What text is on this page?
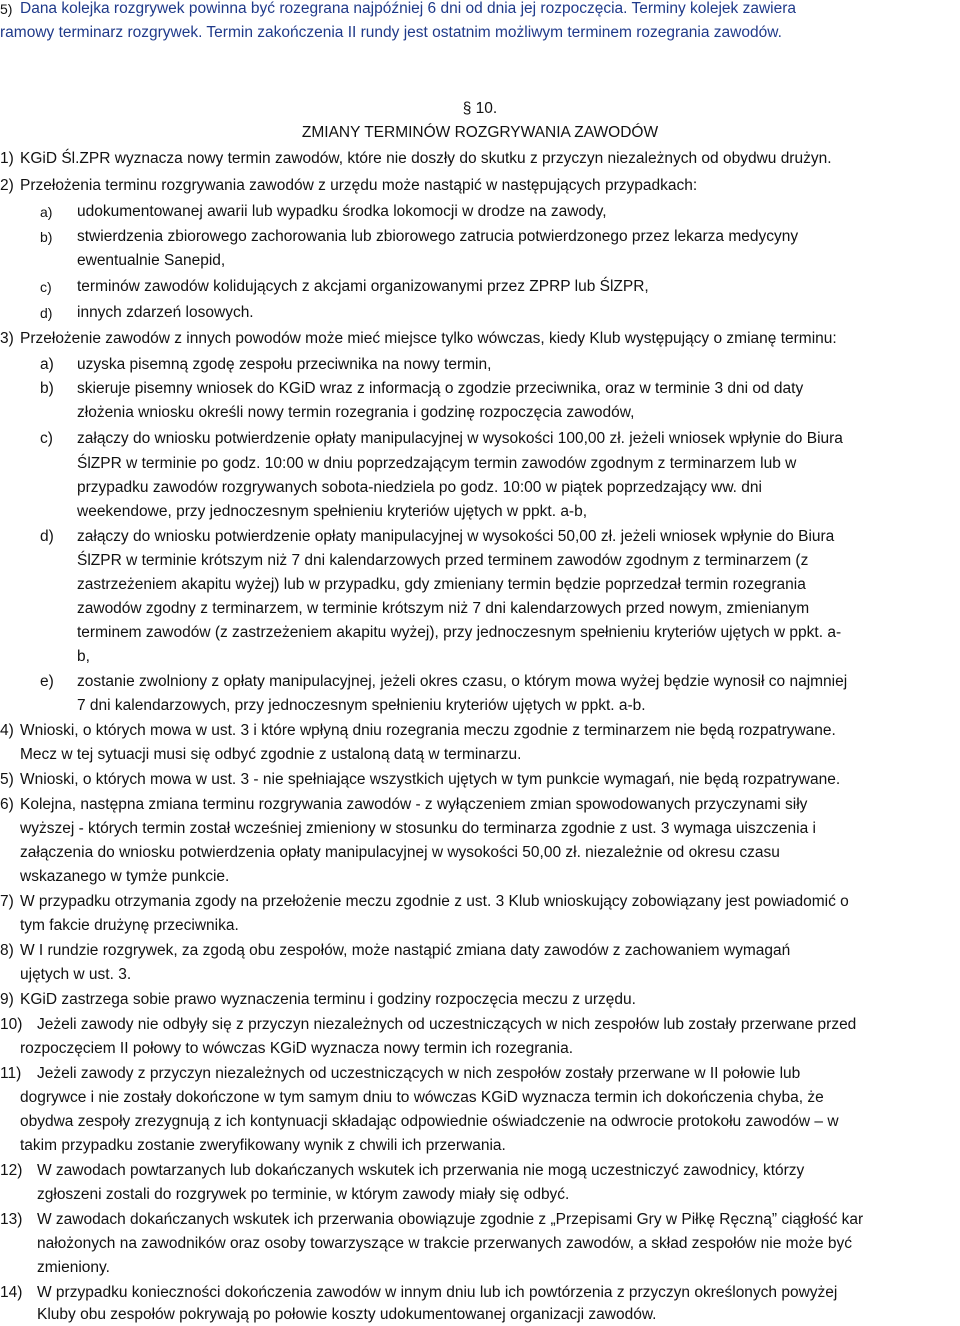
5) Dana kolejka rozgrywek powinna być rozegrana najpóźniej 6 dni od dnia jej rozpoczęcia. Terminy kolejek zawiera
ramowy terminarz rozgrywek. Termin zakończenia II rundy jest ostatnim możliwym terminem rozegrania zawodów.
§ 10.
ZMIANY TERMINÓW ROZGRYWANIA ZAWODÓW
1) KGiD Śl.ZPR wyznacza nowy termin zawodów, które nie doszły do skutku z przyczyn niezależnych od obydwu drużyn.
2) Przełożenia terminu rozgrywania zawodów z urzędu może nastąpić w następujących przypadkach:
a) udokumentowanej awarii lub wypadku środka lokomocji w drodze na zawody,
b) stwierdzenia zbiorowego zachorowania lub zbiorowego zatrucia potwierdzonego przez lekarza medycyny
ewentualnie Sanepid,
c) terminów zawodów kolidujących z akcjami organizowanymi przez ZPRP lub ŚlZPR,
d) innych zdarzeń losowych.
3) Przełożenie zawodów z innych powodów może mieć miejsce tylko wówczas, kiedy Klub występujący o zmianę terminu:
a) uzyska pisemną zgodę zespołu przeciwnika na nowy termin,
b) skieruje pisemny wniosek do KGiD wraz z informacją o zgodzie przeciwnika, oraz w terminie 3 dni od daty
złożenia wniosku określi nowy termin rozegrania i godzinę rozpoczęcia zawodów,
c) załączy do wniosku potwierdzenie opłaty manipulacyjnej w wysokości 100,00 zł. jeżeli wniosek wpłynie do Biura
ŚlZPR w terminie po godz. 10:00 w dniu poprzedzającym termin zawodów zgodnym z terminarzem lub w
przypadku zawodów rozgrywanych sobota-niedziela po godz. 10:00 w piątek poprzedzający ww. dni
weekendowe, przy jednoczesnym spełnieniu kryteriów ujętych w ppkt. a-b,
d) załączy do wniosku potwierdzenie opłaty manipulacyjnej w wysokości 50,00 zł. jeżeli wniosek wpłynie do Biura
ŚlZPR w terminie krótszym niż 7 dni kalendarzowych przed terminem zawodów zgodnym z terminarzem (z
zastrzeżeniem akapitu wyżej) lub w przypadku, gdy zmieniany termin będzie poprzedzał termin rozegrania
zawodów zgodny z terminarzem, w terminie krótszym niż 7 dni kalendarzowych przed nowym, zmienianym
terminem zawodów (z zastrzeżeniem akapitu wyżej), przy jednoczesnym spełnieniu kryteriów ujętych w ppkt. a-
b,
e) zostanie zwolniony z opłaty manipulacyjnej, jeżeli okres czasu, o którym mowa wyżej będzie wynosił co najmniej
7 dni kalendarzowych, przy jednoczesnym spełnieniu kryteriów ujętych w ppkt. a-b.
4) Wnioski, o których mowa w ust. 3 i które wpłyną dniu rozegrania meczu zgodnie z terminarzem nie będą rozpatrywane.
Mecz w tej sytuacji musi się odbyć zgodnie z ustaloną datą w terminarzu.
5) Wnioski, o których mowa w ust. 3 - nie spełniające wszystkich ujętych w tym punkcie wymagań, nie będą rozpatrywane.
6) Kolejna, następna zmiana terminu rozgrywania zawodów - z wyłączeniem zmian spowodowanych przyczynami siły
wyższej - których termin został wcześniej zmieniony w stosunku do terminarza zgodnie z ust. 3 wymaga uiszczenia i
załączenia do wniosku potwierdzenia opłaty manipulacyjnej w wysokości 50,00 zł. niezależnie od okresu czasu
wskazanego w tymże punkcie.
7) W przypadku otrzymania zgody na przełożenie meczu zgodnie z ust. 3 Klub wnioskujący zobowiązany jest powiadomić o
tym fakcie drużynę przeciwnika.
8) W I rundzie rozgrywek, za zgodą obu zespołów, może nastąpić zmiana daty zawodów z zachowaniem wymagań
ujętych w ust. 3.
9) KGiD zastrzega sobie prawo wyznaczenia terminu i godziny rozpoczęcia meczu z urzędu.
10) Jeżeli zawody nie odbyły się z przyczyn niezależnych od uczestniczących w nich zespołów lub zostały przerwane przed
rozpoczęciem II połowy to wówczas KGiD wyznacza nowy termin ich rozegrania.
11) Jeżeli zawody z przyczyn niezależnych od uczestniczących w nich zespołów zostały przerwane w II połowie lub
dogrywce i nie zostały dokończone w tym samym dniu to wówczas KGiD wyznacza termin ich dokończenia chyba, że
obydwa zespoły zrezygnują z ich kontynuacji składając odpowiednie oświadczenie na odwrocie protokołu zawodów – w
takim przypadku zostanie zweryfikowany wynik z chwili ich przerwania.
12) W zawodach powtarzanych lub dokańczanych wskutek ich przerwania nie mogą uczestniczyć zawodnicy, którzy
zgłoszeni zostali do rozgrywek po terminie, w którym zawody miały się odbyć.
13) W zawodach dokańczanych wskutek ich przerwania obowiązuje zgodnie z „Przepisami Gry w Piłkę Ręczną” ciągłość kar
nałożonych na zawodników oraz osoby towarzyszące w trakcie przerwanych zawodów, a skład zespołów nie może być
zmieniony.
14) W przypadku konieczności dokończenia zawodów w innym dniu lub ich powtórzenia z przyczyn określonych powyżej
Kluby obu zespołów pokrywają po połowie koszty udokumentowanej organizacji zawodów.
